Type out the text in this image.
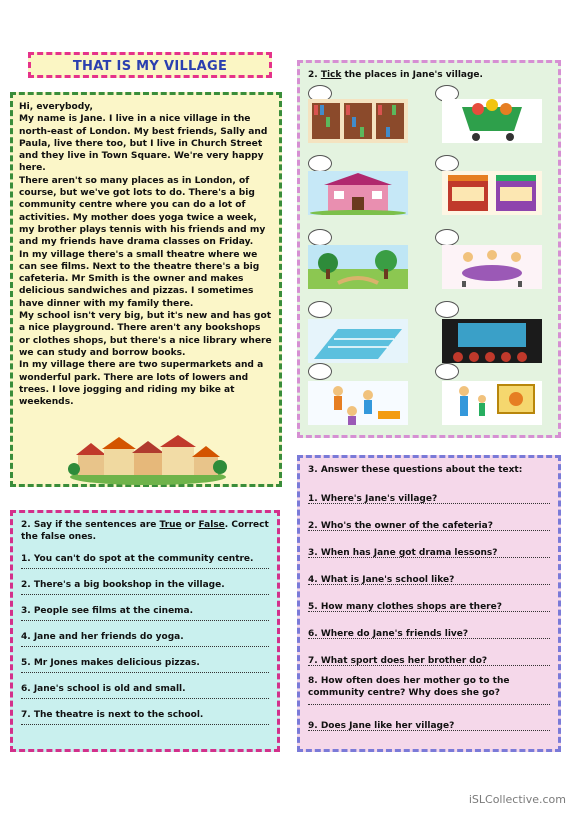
THAT IS MY VILLAGE

Hi, everybody,

My name is Jane. I live in a nice village in the north-east of London. My best friends, Sally and Paula, live there too, but I live in Church Street and they live in Town Square. We're very happy here.

There aren't so many places as in London, of course, but we've got lots to do. There's a big community centre where you can do a lot of activities. My mother does yoga twice a week, my brother plays tennis with his friends and my and my friends have drama classes on Friday.

In my village there's a small theatre where we can see films. Next to the theatre there's a big cafeteria. Mr Smith is the owner and makes delicious sandwiches and pizzas. I sometimes have dinner with my family there.

My school isn't very big, but it's new and has got a nice playground. There aren't any bookshops or clothes shops, but there's a nice library where we can study and borrow books.

In my village there are two supermarkets and a wonderful park. There are lots of lowers and trees. I love jogging and riding my bike at weekends.

2. Say if the sentences are True or False. Correct the false ones.
1. You can't do spot at the community centre.
2. There's a big bookshop in the village.
3. People see films at the cinema.
4. Jane and her friends do yoga.
5. Mr Jones makes delicious pizzas.
6. Jane's school is old and small.
7. The theatre is next to the school.
2. Tick the places in Jane's village.
3. Answer these questions about the text:
1. Where's Jane's village?
2. Who's the owner of the cafeteria?
3. When has Jane got drama lessons?
4. What is Jane's school like?
5. How many clothes shops are there?
6. Where do Jane's friends live?
7. What sport does her brother do?
8. How often does her mother go to the community centre? Why does she go?
9. Does Jane like her village?
iSLCollective.com
